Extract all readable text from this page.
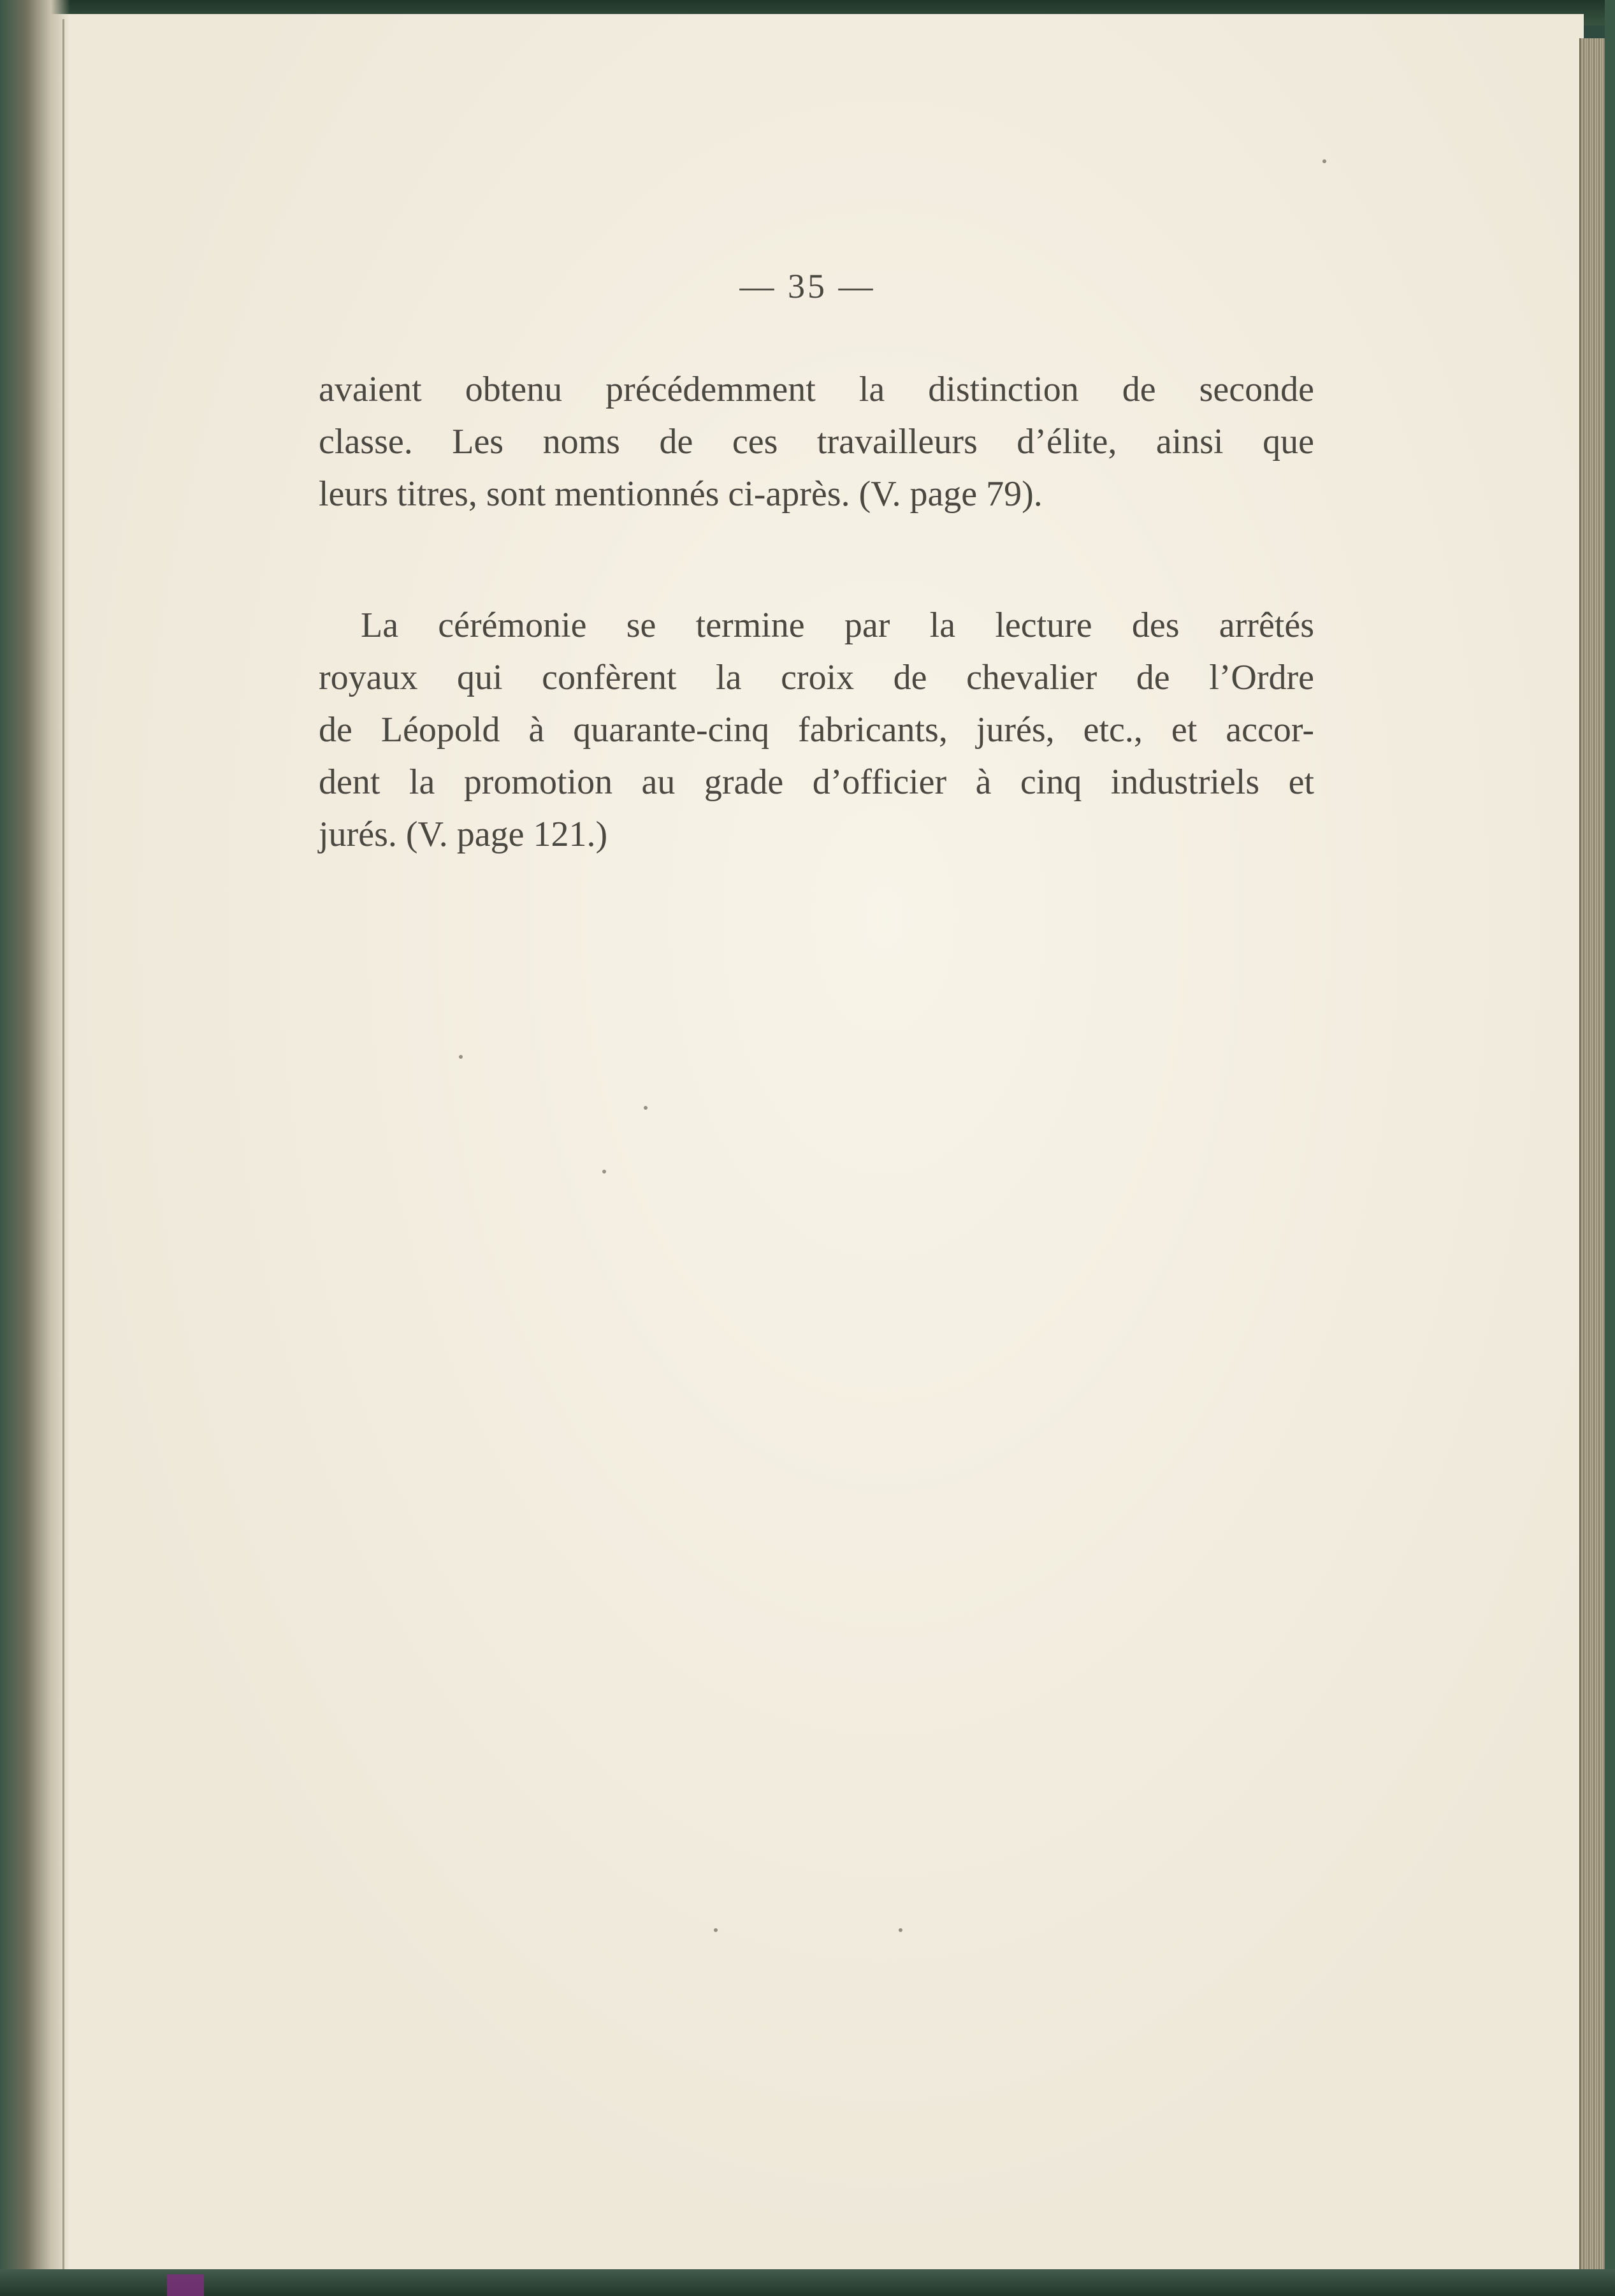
— 35 —
avaient obtenu précédemment la distinction de seconde
classe. Les noms de ces travailleurs d’élite, ainsi que
leurs titres, sont mentionnés ci-après. (V. page 79).
La cérémonie se termine par la lecture des arrêtés
royaux qui confèrent la croix de chevalier de l’Ordre
de Léopold à quarante-cinq fabricants, jurés, etc., et accor-
dent la promotion au grade d’officier à cinq industriels et
jurés. (V. page 121.)
